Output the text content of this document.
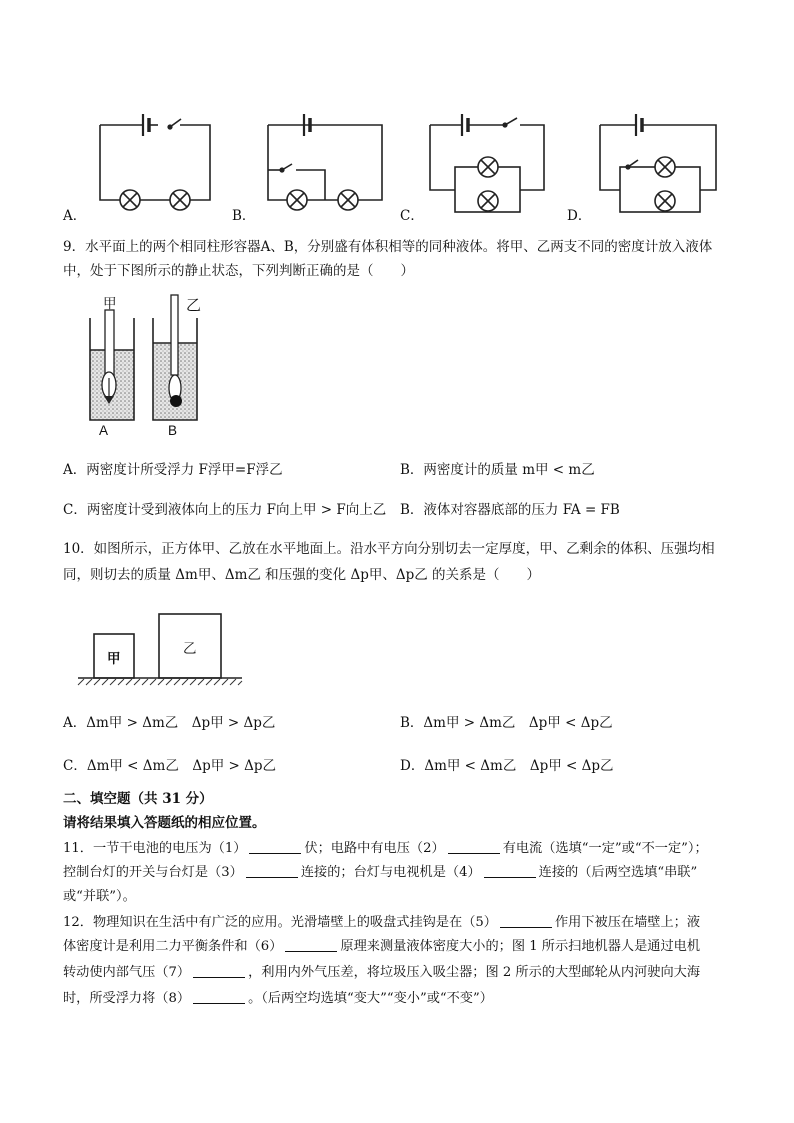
A．	B．	C．	D．
9．水平面上的两个相同柱形容器A、B，分别盛有体积相等的同种液体。将甲、乙两支不同的密度计放入液体
中，处于下图所示的静止状态，下列判断正确的是（　　）
甲	乙
A	B
A．两密度计所受浮力 F浮甲=F浮乙	B．两密度计的质量 m甲 < m乙
C．两密度计受到液体向上的压力 F向上甲 > F向上乙 B．液体对容器底部的压力 FA = FB
10．如图所示，正方体甲、乙放在水平地面上。沿水平方向分别切去一定厚度，甲、乙剩余的体积、压强均相
同，则切去的质量 Δm甲、Δm乙 和压强的变化 Δp甲、Δp乙 的关系是（　　）
甲
乙
A．Δm甲 > Δm乙　Δp甲 > Δp乙	B．Δm甲 > Δm乙　Δp甲 < Δp乙
C．Δm甲 < Δm乙　Δp甲 > Δp乙	D．Δm甲 < Δm乙　Δp甲 < Δp乙
二、填空题（共 31 分）
请将结果填入答题纸的相应位置。
11．一节干电池的电压为（1）	伏；电路中有电压（2）	有电流（选填“一定”或“不一定”）；
控制台灯的开关与台灯是（3）	连接的；台灯与电视机是（4）	连接的（后两空选填“串联”
或“并联”）。
12．物理知识在生活中有广泛的应用。光滑墙壁上的吸盘式挂钩是在（5）	作用下被压在墙壁上；液
体密度计是利用二力平衡条件和（6）	原理来测量液体密度大小的；图 1 所示扫地机器人是通过电机
转动使内部气压（7）	，利用内外气压差，将垃圾压入吸尘器；图 2 所示的大型邮轮从内河驶向大海
时，所受浮力将（8）	。（后两空均选填“变大”“变小”或“不变”）
